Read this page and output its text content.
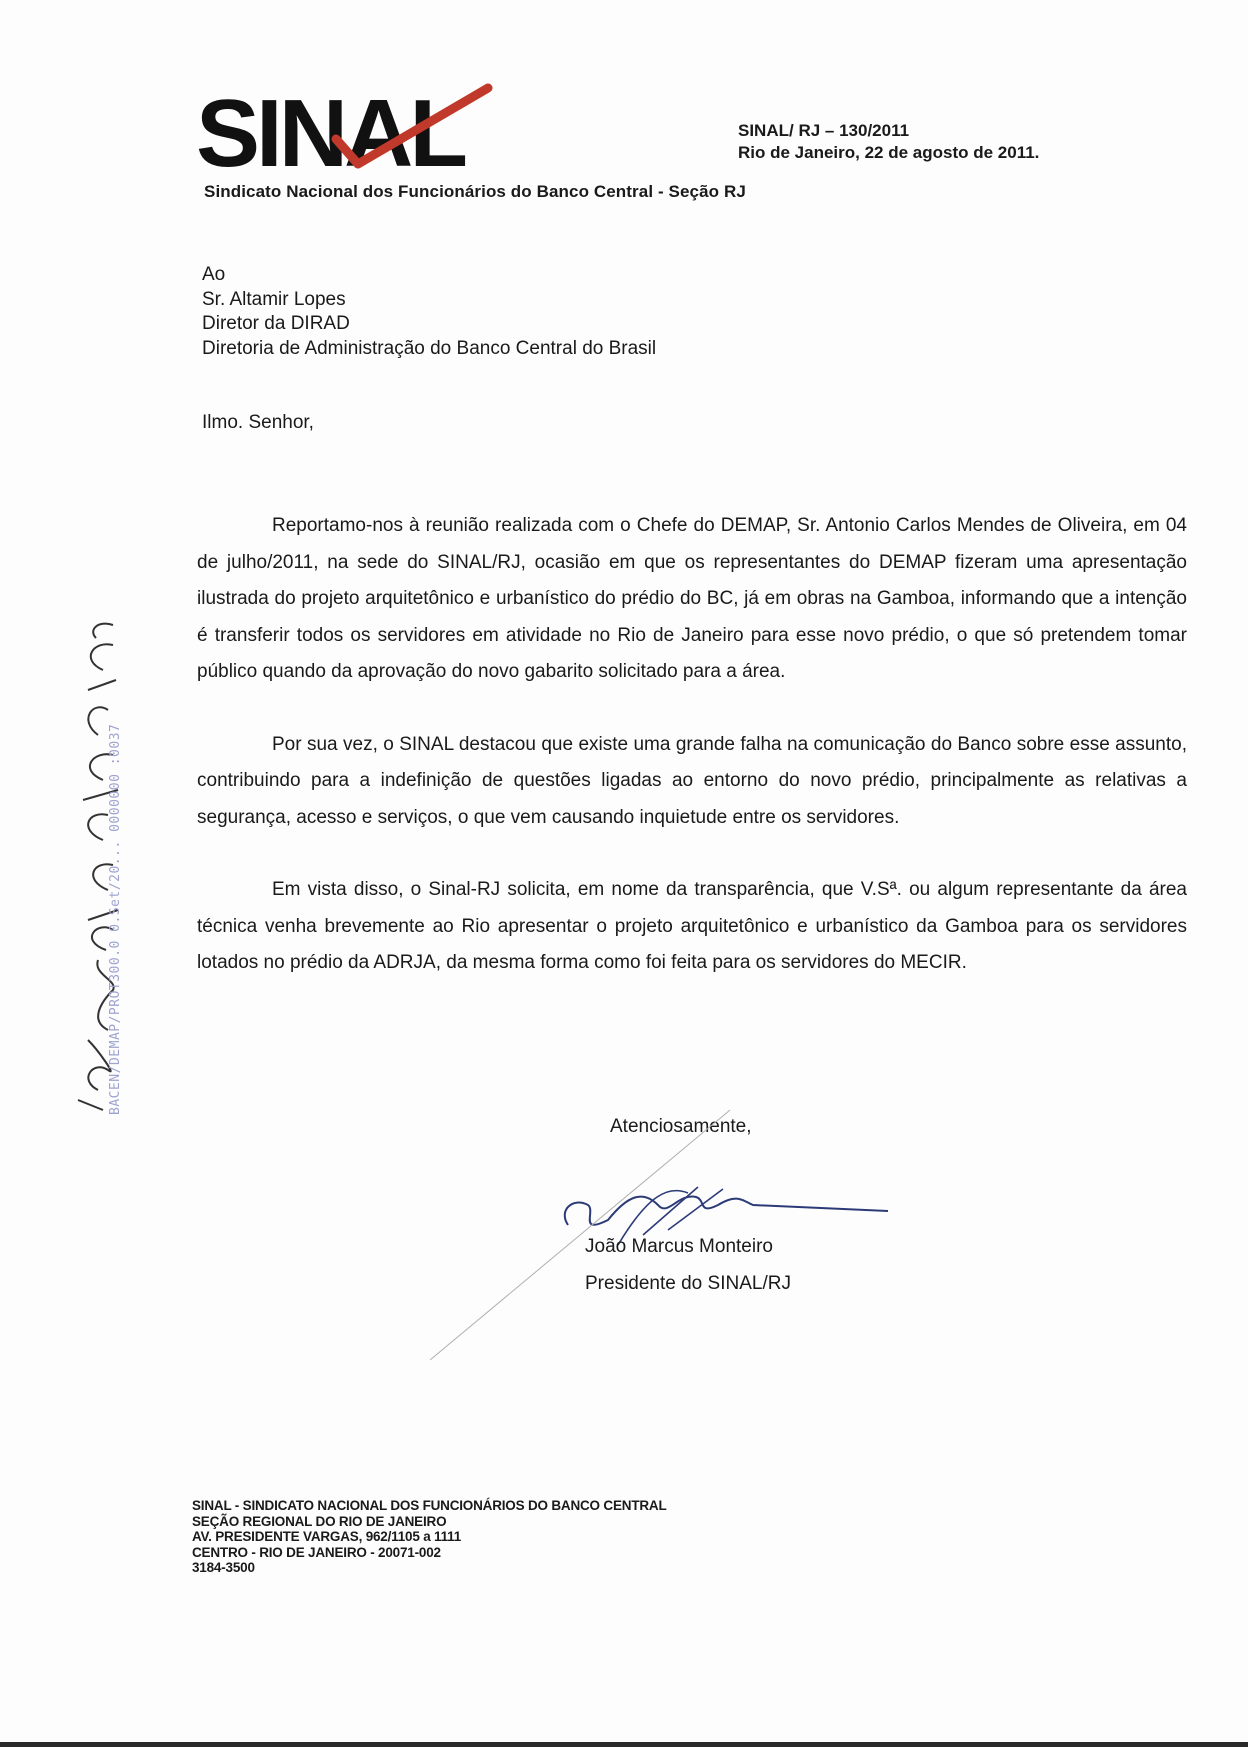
SINAL
Sindicato Nacional dos Funcionários do Banco Central - Seção RJ
SINAL/ RJ – 130/2011
Rio de Janeiro, 22 de agosto de 2011.
Ao
Sr. Altamir Lopes
Diretor da DIRAD
Diretoria de Administração do Banco Central do Brasil
Ilmo. Senhor,

Reportamo-nos à reunião realizada com o Chefe do DEMAP, Sr. Antonio Carlos Mendes de Oliveira, em 04 de julho/2011, na sede do SINAL/RJ, ocasião em que os representantes do DEMAP fizeram uma apresentação ilustrada do projeto arquitetônico e urbanístico do prédio do BC, já em obras na Gamboa, informando que a intenção é transferir todos os servidores em atividade no Rio de Janeiro para esse novo prédio, o que só pretendem tomar público quando da aprovação do novo gabarito solicitado para a área.

Por sua vez, o SINAL destacou que existe uma grande falha na comunicação do Banco sobre esse assunto, contribuindo para a indefinição de questões ligadas ao entorno do novo prédio, principalmente as relativas a segurança, acesso e serviços, o que vem causando inquietude entre os servidores.

Em vista disso, o Sinal-RJ solicita, em nome da transparência, que V.Sª. ou algum representante da área técnica venha brevemente ao Rio apresentar o projeto arquitetônico e urbanístico da Gamboa para os servidores lotados no prédio da ADRJA, da mesma forma como foi feita para os servidores do MECIR.

Atenciosamente,
João Marcus Monteiro
Presidente do SINAL/RJ
SINAL - SINDICATO NACIONAL DOS FUNCIONÁRIOS DO BANCO CENTRAL
SEÇÃO REGIONAL DO RIO DE JANEIRO
AV. PRESIDENTE VARGAS, 962/1105 a 1111
CENTRO - RIO DE JANEIRO - 20071-002
3184-3500
BACEN/DEMAP/PROT300.0 0.Set/20... 0000000 :0037
